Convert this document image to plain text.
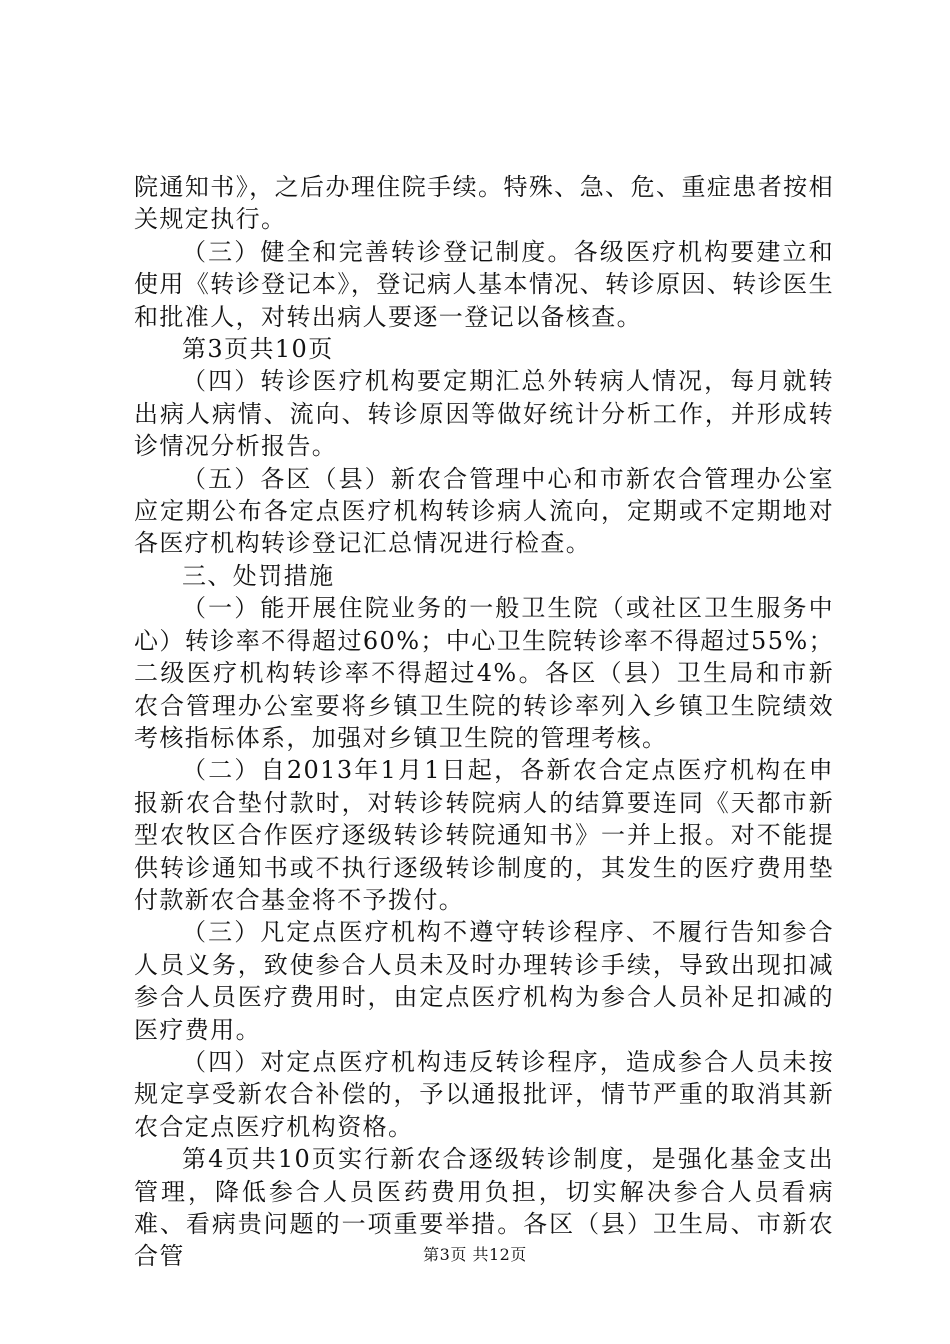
院通知书》，之后办理住院手续。特殊、急、危、重症患者按相关规定执行。

（三）健全和完善转诊登记制度。各级医疗机构要建立和使用《转诊登记本》，登记病人基本情况、转诊原因、转诊医生和批准人，对转出病人要逐一登记以备核查。

第3页共10页

（四）转诊医疗机构要定期汇总外转病人情况，每月就转出病人病情、流向、转诊原因等做好统计分析工作，并形成转诊情况分析报告。

（五）各区（县）新农合管理中心和市新农合管理办公室应定期公布各定点医疗机构转诊病人流向，定期或不定期地对各医疗机构转诊登记汇总情况进行检查。

三、处罚措施

（一）能开展住院业务的一般卫生院（或社区卫生服务中心）转诊率不得超过60%；中心卫生院转诊率不得超过55%；二级医疗机构转诊率不得超过4%。各区（县）卫生局和市新农合管理办公室要将乡镇卫生院的转诊率列入乡镇卫生院绩效考核指标体系，加强对乡镇卫生院的管理考核。

（二）自2013年1月1日起，各新农合定点医疗机构在申报新农合垫付款时，对转诊转院病人的结算要连同《天都市新型农牧区合作医疗逐级转诊转院通知书》一并上报。对不能提供转诊通知书或不执行逐级转诊制度的，其发生的医疗费用垫付款新农合基金将不予拨付。

（三）凡定点医疗机构不遵守转诊程序、不履行告知参合人员义务，致使参合人员未及时办理转诊手续，导致出现扣减参合人员医疗费用时，由定点医疗机构为参合人员补足扣减的医疗费用。

（四）对定点医疗机构违反转诊程序，造成参合人员未按规定享受新农合补偿的，予以通报批评，情节严重的取消其新农合定点医疗机构资格。

第4页共10页实行新农合逐级转诊制度，是强化基金支出管理，降低参合人员医药费用负担，切实解决参合人员看病难、看病贵问题的一项重要举措。各区（县）卫生局、市新农合管	第3页 共12页
